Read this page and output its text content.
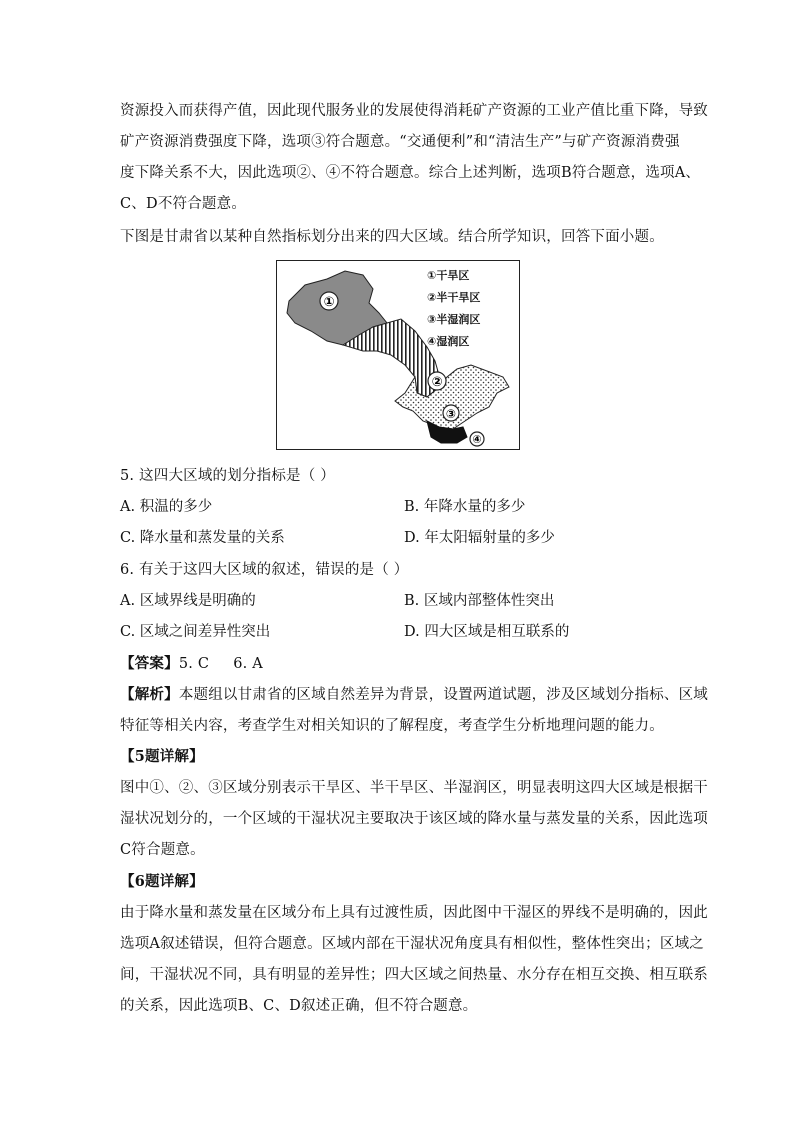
资源投入而获得产值，因此现代服务业的发展使得消耗矿产资源的工业产值比重下降，导致
矿产资源消费强度下降，选项③符合题意。“交通便利”和“清洁生产”与矿产资源消费强
度下降关系不大，因此选项②、④不符合题意。综合上述判断，选项B符合题意，选项A、
C、D不符合题意。
下图是甘肃省以某种自然指标划分出来的四大区域。结合所学知识，回答下面小题。
①
②
③
④
①干旱区
②半干旱区
③半湿润区
④湿润区
5. 这四大区域的划分指标是（ ）
A. 积温的多少	B. 年降水量的多少
C. 降水量和蒸发量的关系	D. 年太阳辐射量的多少
6. 有关于这四大区域的叙述，错误的是（ ）
A. 区域界线是明确的	B. 区域内部整体性突出
C. 区域之间差异性突出	D. 四大区域是相互联系的
【答案】5. C     6. A
【解析】本题组以甘肃省的区域自然差异为背景，设置两道试题，涉及区域划分指标、区域
特征等相关内容，考查学生对相关知识的了解程度，考查学生分析地理问题的能力。
【5题详解】
图中①、②、③区域分别表示干旱区、半干旱区、半湿润区，明显表明这四大区域是根据干
湿状况划分的，一个区域的干湿状况主要取决于该区域的降水量与蒸发量的关系，因此选项
C符合题意。
【6题详解】
由于降水量和蒸发量在区域分布上具有过渡性质，因此图中干湿区的界线不是明确的，因此
选项A叙述错误，但符合题意。区域内部在干湿状况角度具有相似性，整体性突出；区域之
间，干湿状况不同，具有明显的差异性；四大区域之间热量、水分存在相互交换、相互联系
的关系，因此选项B、C、D叙述正确，但不符合题意。
